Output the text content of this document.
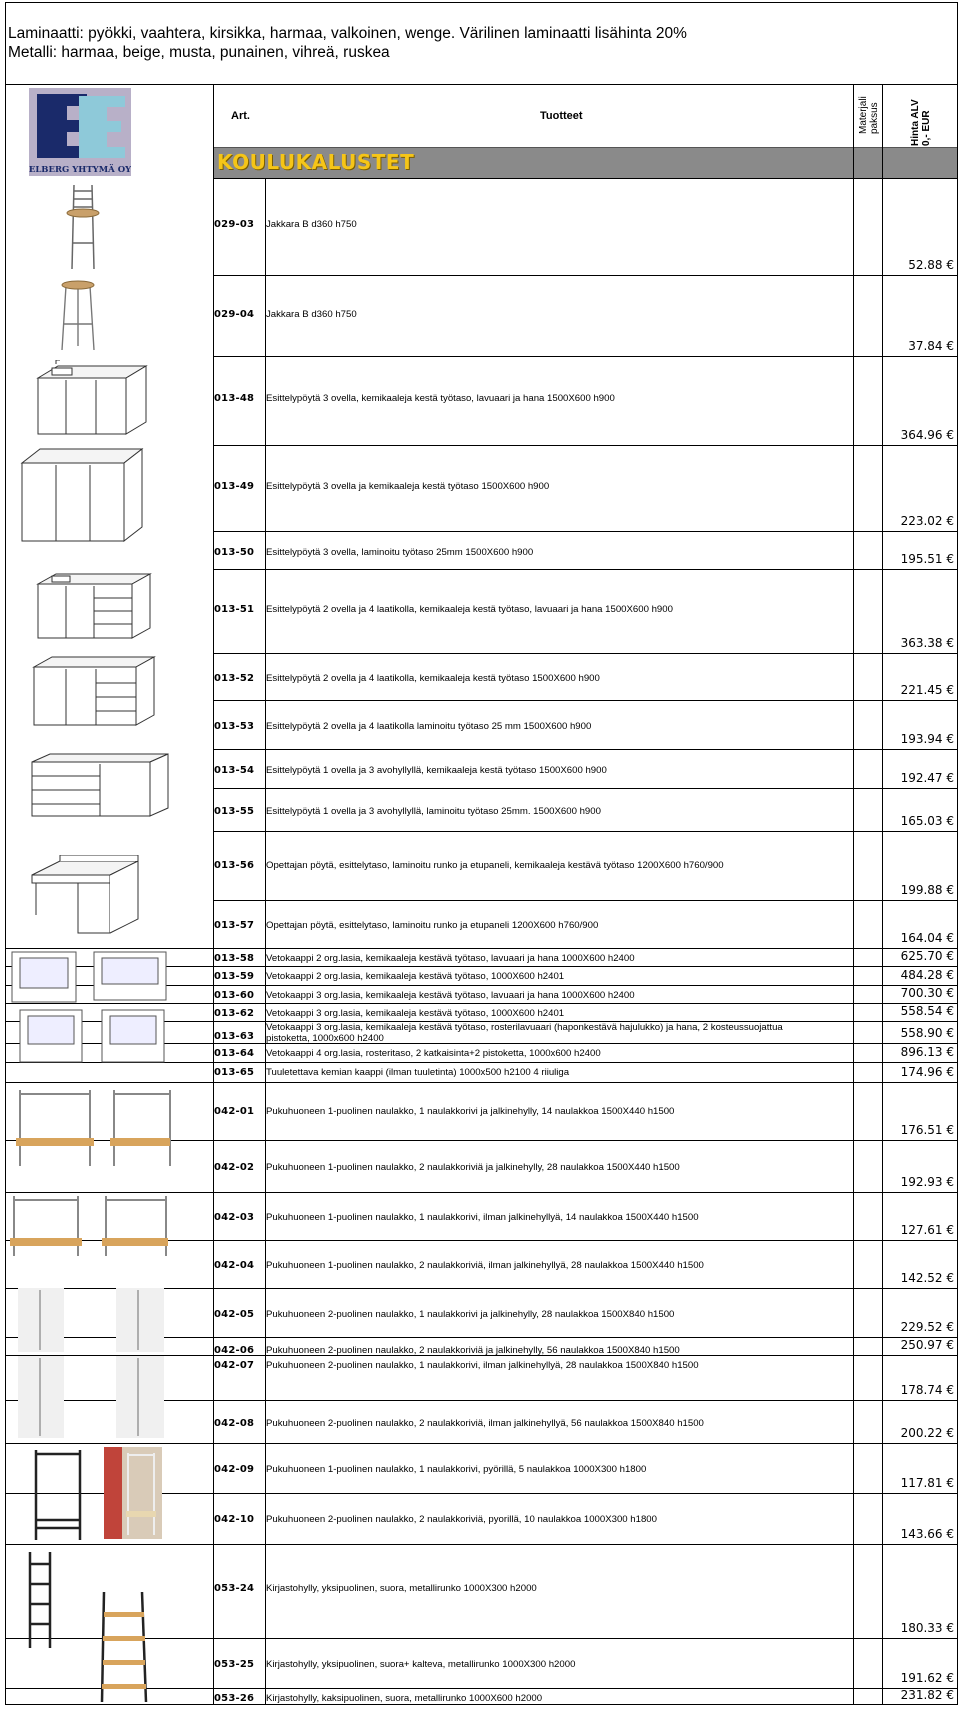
Laminaatti: pyökki, vaahtera, kirsikka, harmaa, valkoinen, wenge. Värilinen laminaatti lisähinta 20%
Metalli: harmaa, beige, musta, punainen, vihreä, ruskea
ELBERG YHTYMÄ OY
Art.	Tuotteet	Materjali paksus	Hinta ALV 0,- EUR
KOULUKALUSTET
029-03	Jakkara B d360 h750
52.88 €
029-04	Jakkara B d360 h750
37.84 €
013-48	Esittelypöytä 3 ovella, kemikaaleja kestä työtaso, lavuaari ja hana 1500X600 h900
364.96 €
013-49	Esittelypöytä 3 ovella ja kemikaaleja kestä työtaso 1500X600 h900
223.02 €
013-50	Esittelypöytä 3 ovella, laminoitu työtaso 25mm 1500X600 h900	195.51 €
013-51	Esittelypöytä 2 ovella ja 4 laatikolla, kemikaaleja kestä työtaso, lavuaari ja hana 1500X600 h900
363.38 €
013-52	Esittelypöytä 2 ovella ja 4 laatikolla, kemikaaleja kestä työtaso 1500X600 h900
221.45 €
013-53	Esittelypöytä 2 ovella ja 4 laatikolla laminoitu työtaso 25 mm 1500X600 h900
193.94 €
013-54	Esittelypöytä 1 ovella ja 3 avohyllyllä, kemikaaleja kestä työtaso 1500X600 h900
192.47 €
013-55	Esittelypöytä 1 ovella ja 3 avohyllyllä, laminoitu työtaso 25mm. 1500X600 h900
165.03 €
013-56	Opettajan pöytä, esittelytaso, laminoitu runko ja etupaneli, kemikaaleja kestävä työtaso 1200X600 h760/900
199.88 €
013-57	Opettajan pöytä, esittelytaso, laminoitu runko ja etupaneli 1200X600 h760/900
164.04 €
013-58	Vetokaappi 2 org.lasia, kemikaaleja kestävä työtaso, lavuaari ja hana 1000X600 h2400	625.70 €
013-59	Vetokaappi 2 org.lasia, kemikaaleja kestävä työtaso, 1000X600 h2401	484.28 €
013-60	Vetokaappi 3 org.lasia, kemikaaleja kestävä työtaso, lavuaari ja hana 1000X600 h2400	700.30 €
013-62	Vetokaappi 3 org.lasia, kemikaaleja kestävä työtaso, 1000X600 h2401	558.54 €
013-63
Vetokaappi 3 org.lasia, kemikaaleja kestävä työtaso, rosterilavuaari (haponkestävä hajulukko) ja hana, 2 kosteussuojattua pistoketta, 1000x600 h2400	558.90 €
013-64	Vetokaappi 4 org.lasia, rosteritaso, 2 katkaisinta+2 pistoketta, 1000x600 h2400	896.13 €
013-65	Tuuletettava kemian kaappi (ilman tuuletinta) 1000x500 h2100 4 riiuliga	174.96 €
042-01	Pukuhuoneen 1-puolinen naulakko, 1 naulakkorivi ja jalkinehylly, 14 naulakkoa 1500X440 h1500
176.51 €
042-02	Pukuhuoneen 1-puolinen naulakko, 2 naulakkoriviä ja jalkinehylly, 28 naulakkoa 1500X440 h1500
192.93 €
042-03	Pukuhuoneen 1-puolinen naulakko, 1 naulakkorivi, ilman jalkinehyllyä, 14 naulakkoa 1500X440 h1500
127.61 €
042-04	Pukuhuoneen 1-puolinen naulakko, 2 naulakkoriviä, ilman jalkinehyllyä, 28 naulakkoa 1500X440 h1500
142.52 €
042-05	Pukuhuoneen 2-puolinen naulakko, 1 naulakkorivi ja jalkinehylly, 28 naulakkoa 1500X840 h1500
229.52 €
042-06	Pukuhuoneen 2-puolinen naulakko, 2 naulakkoriviä ja jalkinehylly, 56 naulakkoa 1500X840 h1500	250.97 €
042-07	Pukuhuoneen 2-puolinen naulakko, 1 naulakkorivi, ilman jalkinehyllyä, 28 naulakkoa 1500X840 h1500
178.74 €
042-08	Pukuhuoneen 2-puolinen naulakko, 2 naulakkoriviä, ilman jalkinehyllyä, 56 naulakkoa 1500X840 h1500
200.22 €
042-09	Pukuhuoneen 1-puolinen naulakko, 1 naulakkorivi, pyörillä, 5 naulakkoa 1000X300 h1800
117.81 €
042-10	Pukuhuoneen 2-puolinen naulakko, 2 naulakkoriviä, pyorillä, 10 naulakkoa 1000X300 h1800
143.66 €
053-24	Kirjastohylly, yksipuolinen, suora, metallirunko 1000X300 h2000
180.33 €
053-25	Kirjastohylly, yksipuolinen, suora+ kalteva, metallirunko 1000X300 h2000
191.62 €
053-26	Kirjastohylly, kaksipuolinen, suora, metallirunko 1000X600 h2000	231.82 €
